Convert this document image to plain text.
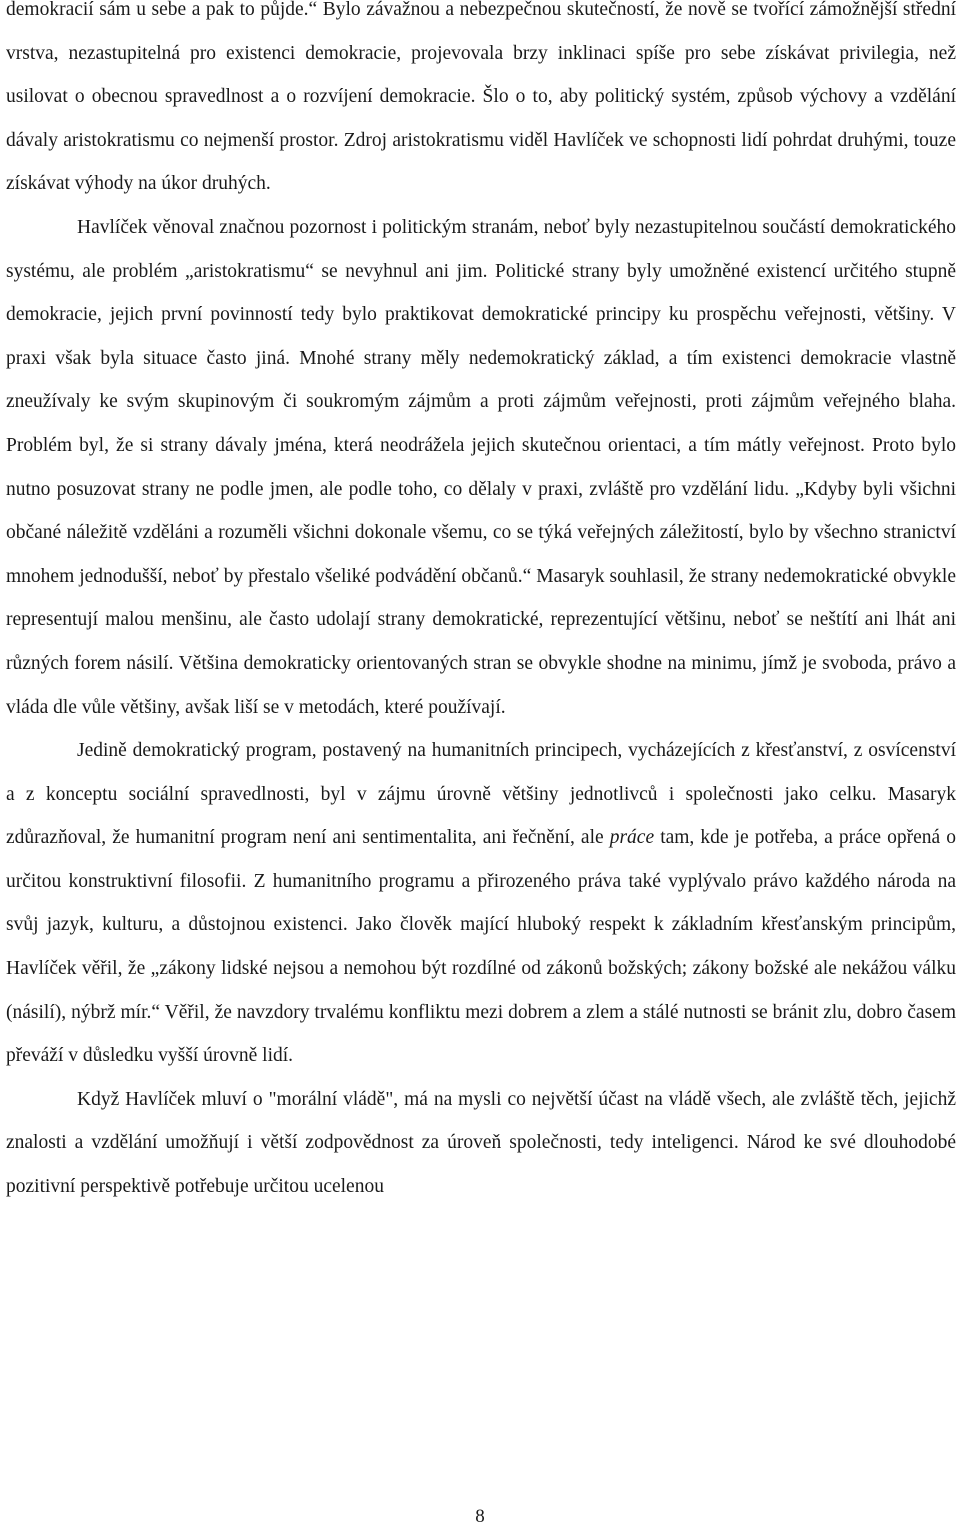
demokracií sám u sebe a pak to půjde.“ Bylo závažnou a nebezpečnou skutečností, že nově se tvořící zámožnější střední vrstva, nezastupitelná pro existenci demokracie, projevovala brzy inklinaci spíše pro sebe získávat privilegia, než usilovat o obecnou spravedlnost a o rozvíjení demokracie. Šlo o to, aby politický systém, způsob výchovy a vzdělání dávaly aristokratismu co nejmenší prostor. Zdroj aristokratismu viděl Havlíček ve schopnosti lidí pohrdat druhými, touze získávat výhody na úkor druhých.

Havlíček věnoval značnou pozornost i politickým stranám, neboť byly nezastupitelnou součástí demokratického systému, ale problém „aristokratismu“ se nevyhnul ani jim. Politické strany byly umožněné existencí určitého stupně demokracie, jejich první povinností tedy bylo praktikovat demokratické principy ku prospěchu veřejnosti, většiny. V praxi však byla situace často jiná. Mnohé strany měly nedemokratický základ, a tím existenci demokracie vlastně zneužívaly ke svým skupinovým či soukromým zájmům a proti zájmům veřejnosti, proti zájmům veřejného blaha. Problém byl, že si strany dávaly jména, která neodrážela jejich skutečnou orientaci, a tím mátly veřejnost. Proto bylo nutno posuzovat strany ne podle jmen, ale podle toho, co dělaly v praxi, zvláště pro vzdělání lidu. „Kdyby byli všichni občané náležitě vzděláni a rozuměli všichni dokonale všemu, co se týká veřejných záležitostí, bylo by všechno stranictví mnohem jednodušší, neboť by přestalo všeliké podvádění občanů.“ Masaryk souhlasil, že strany nedemokratické obvykle representují malou menšinu, ale často udolají strany demokratické, reprezentující většinu, neboť se neštítí ani lhát ani různých forem násilí. Většina demokraticky orientovaných stran se obvykle shodne na minimu, jímž je svoboda, právo a vláda dle vůle většiny, avšak liší se v metodách, které používají.

Jedině demokratický program, postavený na humanitních principech, vycházejících z křesťanství, z osvícenství a z konceptu sociální spravedlnosti, byl v zájmu úrovně většiny jednotlivců i společnosti jako celku. Masaryk zdůrazňoval, že humanitní program není ani sentimentalita, ani řečnění, ale práce tam, kde je potřeba, a práce opřená o určitou konstruktivní filosofii. Z humanitního programu a přirozeného práva také vyplývalo právo každého národa na svůj jazyk, kulturu, a důstojnou existenci. Jako člověk mající hluboký respekt k základním křesťanským principům, Havlíček věřil, že „zákony lidské nejsou a nemohou být rozdílné od zákonů božských; zákony božské ale nekážou válku (násilí), nýbrž mír.“ Věřil, že navzdory trvalému konfliktu mezi dobrem a zlem a stálé nutnosti se bránit zlu, dobro časem převáží v důsledku vyšší úrovně lidí.

Když Havlíček mluví o "morální vládě", má na mysli co největší účast na vládě všech, ale zvláště těch, jejichž znalosti a vzdělání umožňují i větší zodpovědnost za úroveň společnosti, tedy inteligenci. Národ ke své dlouhodobé pozitivní perspektivě potřebuje určitou ucelenou

8
